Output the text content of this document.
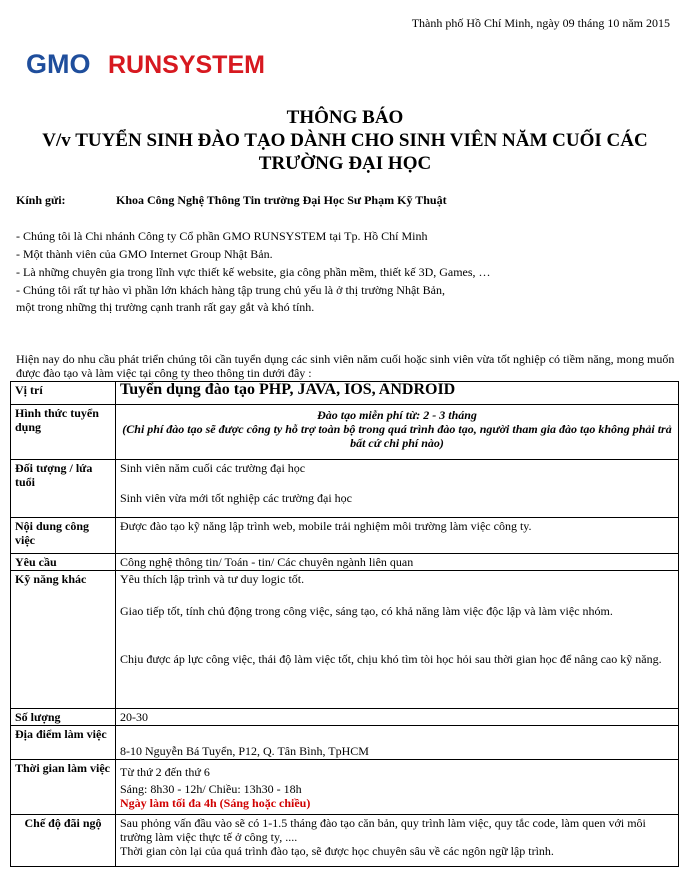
Thành phố Hồ Chí Minh, ngày 09 tháng 10 năm 2015
GMO RUNSYSTEM
THÔNG BÁO
V/v TUYỂN SINH ĐÀO TẠO DÀNH CHO SINH VIÊN NĂM CUỐI CÁC
TRƯỜNG ĐẠI HỌC
Kính gửi:	Khoa Công Nghệ Thông Tin trường Đại Học Sư Phạm Kỹ Thuật

- Chúng tôi là Chi nhánh Công ty Cổ phần GMO RUNSYSTEM tại Tp. Hồ Chí Minh

- Một thành viên của GMO Internet Group Nhật Bản.

- Là những chuyên gia trong lĩnh vực thiết kế website, gia công phần mềm, thiết kế 3D, Games, …

- Chúng tôi rất tự hào vì phần lớn khách hàng tập trung chủ yếu là ở thị trường Nhật Bản,

một trong những thị trường cạnh tranh rất gay gắt và khó tính.

Hiện nay do nhu cầu phát triển chúng tôi cần tuyển dụng các sinh viên năm cuối hoặc sinh viên vừa tốt nghiệp có tiềm năng, mong muốn được đào tạo và làm việc tại công ty theo thông tin dưới đây :
Vị trí	Tuyển dụng đào tạo PHP, JAVA, IOS, ANDROID
Hình thức tuyển dụng	Đào tạo miễn phí từ: 2 - 3 tháng
(Chi phí đào tạo sẽ được công ty hỗ trợ toàn bộ trong quá trình đào tạo, người tham gia đào tạo không phải trả bất cứ chi phí nào)

Đối tượng / lứa tuổi	Sinh viên năm cuối các trường đại học
Sinh viên vừa mới tốt nghiệp các trường đại học

Nội dung công việc	Được đào tạo kỹ năng lập trình web, mobile trải nghiệm môi trường làm việc công ty.
Yêu cầu	Công nghệ thông tin/ Toán - tin/ Các chuyên ngành liên quan
Kỹ năng khác	Yêu thích lập trình và tư duy logic tốt.
Giao tiếp tốt, tính chủ động trong công việc, sáng tạo, có khả năng làm việc độc lập và làm việc nhóm.
Chịu được áp lực công việc, thái độ làm việc tốt, chịu khó tìm tòi học hỏi sau thời gian học để nâng cao kỹ năng.

Số lượng	20-30
Địa điểm làm việc	8-10 Nguyễn Bá Tuyển, P12, Q. Tân Bình, TpHCM
Thời gian làm việc	Từ thứ 2 đến thứ 6
Sáng: 8h30 - 12h/ Chiều: 13h30 - 18h
Ngày làm tối đa 4h (Sáng hoặc chiều)

Chế độ đãi ngộ	Sau phỏng vấn đầu vào sẽ có 1-1.5 tháng đào tạo căn bản, quy trình làm việc, quy tắc code, làm quen với môi trường làm việc thực tế ở công ty, ....
Thời gian còn lại của quá trình đào tạo, sẽ được học chuyên sâu về các ngôn ngữ lập trình.
